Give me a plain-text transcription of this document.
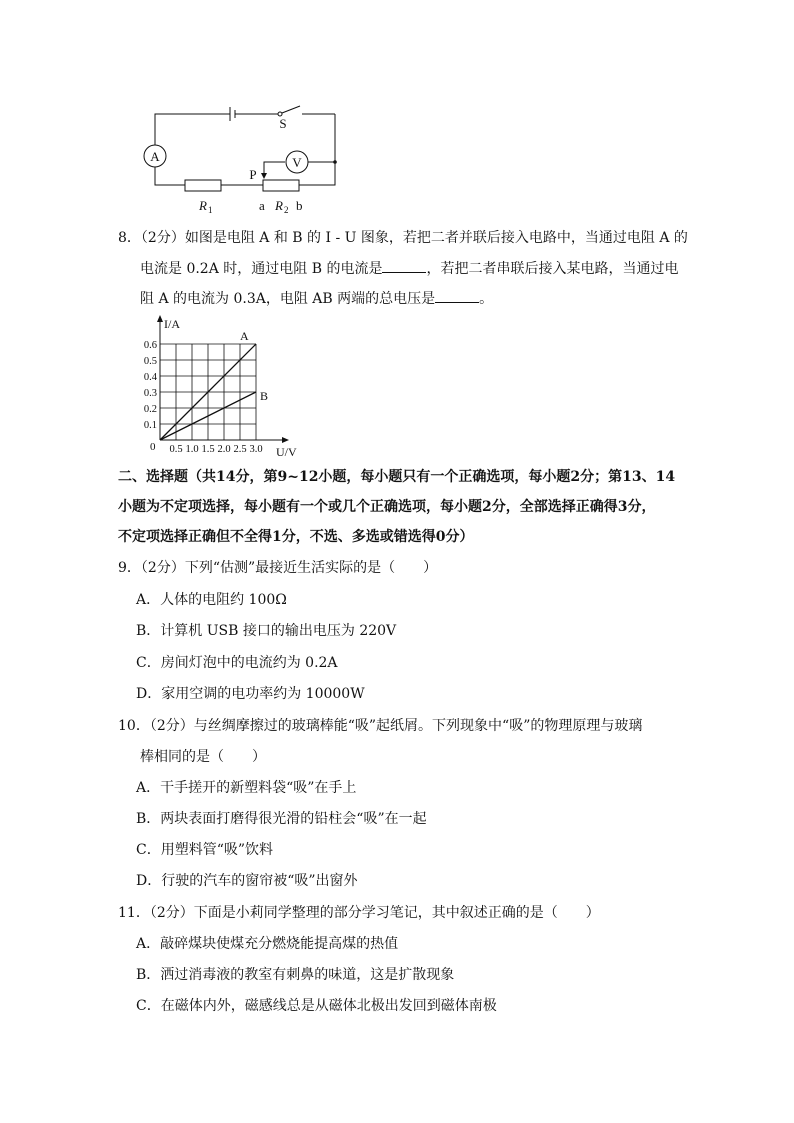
A	V
S
P
R 1	a R 2 b
8．（2分）如图是电阻 A 和 B 的 I - U 图象，若把二者并联后接入电路中，当通过电阻 A 的
电流是 0.2A 时，通过电阻 B 的电流是	，若把二者串联后接入某电路，当通过电
阻 A 的电流为 0.3A，电阻 AB 两端的总电压是	。
I/A
U/V
0 0.5 1.0 1.5 2.0 2.5 3.0
0.1
0.2
0.3
0.4
0.5
0.6
A
B
二、选择题（共14分，第9~12小题，每小题只有一个正确选项，每小题2分；第13、14
小题为不定项选择，每小题有一个或几个正确选项，每小题2分，全部选择正确得3分，
不定项选择正确但不全得1分，不选、多选或错选得0分）
9．（2分）下列“估测”最接近生活实际的是（　　）
A．人体的电阻约 100Ω
B．计算机 USB 接口的输出电压为 220V
C．房间灯泡中的电流约为 0.2A
D．家用空调的电功率约为 10000W
10．（2分）与丝绸摩擦过的玻璃棒能“吸”起纸屑。下列现象中“吸”的物理原理与玻璃
棒相同的是（　　）
A．干手搓开的新塑料袋“吸”在手上
B．两块表面打磨得很光滑的铅柱会“吸”在一起
C．用塑料管“吸”饮料
D．行驶的汽车的窗帘被“吸”出窗外
11．（2分）下面是小莉同学整理的部分学习笔记，其中叙述正确的是（　　）
A．敲碎煤块使煤充分燃烧能提高煤的热值
B．洒过消毒液的教室有刺鼻的味道，这是扩散现象
C．在磁体内外，磁感线总是从磁体北极出发回到磁体南极
